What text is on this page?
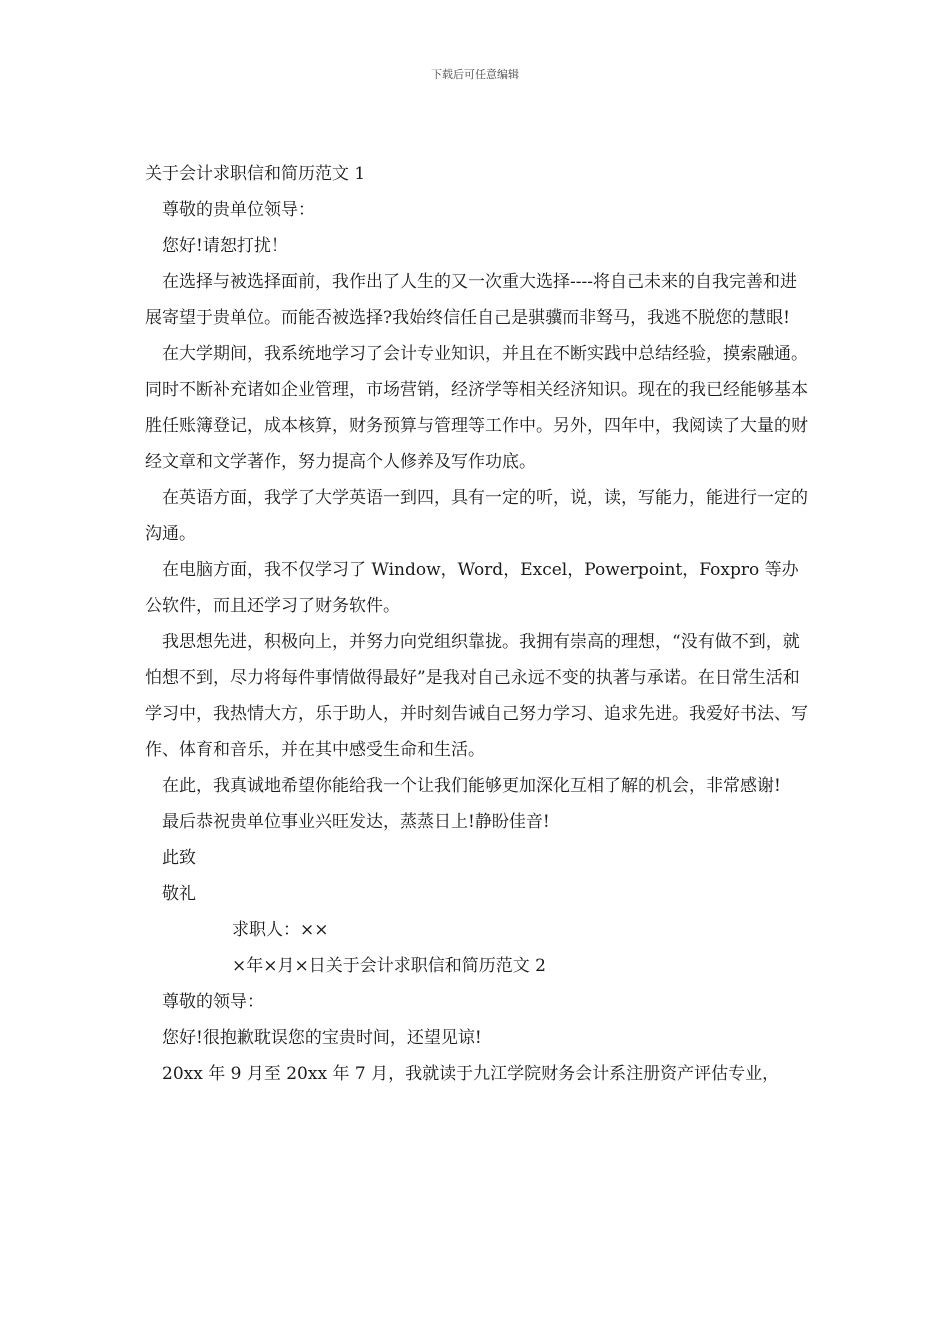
下载后可任意编辑

关于会计求职信和简历范文 1

尊敬的贵单位领导：

您好!请恕打扰！

在选择与被选择面前，我作出了人生的又一次重大选择----将自己未来的自我完善和进展寄望于贵单位。而能否被选择?我始终信任自己是骐骥而非驽马，我逃不脱您的慧眼!

在大学期间，我系统地学习了会计专业知识，并且在不断实践中总结经验，摸索融通。同时不断补充诸如企业管理，市场营销，经济学等相关经济知识。现在的我已经能够基本胜任账簿登记，成本核算，财务预算与管理等工作中。另外，四年中，我阅读了大量的财经文章和文学著作，努力提高个人修养及写作功底。

在英语方面，我学了大学英语一到四，具有一定的听，说，读，写能力，能进行一定的沟通。

在电脑方面，我不仅学习了 Window，Word，Excel，Powerpoint，Foxpro 等办公软件，而且还学习了财务软件。

我思想先进，积极向上，并努力向党组织靠拢。我拥有崇高的理想，“没有做不到，就怕想不到，尽力将每件事情做得最好”是我对自己永远不变的执著与承诺。在日常生活和学习中，我热情大方，乐于助人，并时刻告诫自己努力学习、追求先进。我爱好书法、写作、体育和音乐，并在其中感受生命和生活。

在此，我真诚地希望你能给我一个让我们能够更加深化互相了解的机会，非常感谢!

最后恭祝贵单位事业兴旺发达，蒸蒸日上!静盼佳音!

此致

敬礼

求职人：××

×年×月×日关于会计求职信和简历范文 2

尊敬的领导：

您好!很抱歉耽误您的宝贵时间，还望见谅!

20xx 年 9 月至 20xx 年 7 月，我就读于九江学院财务会计系注册资产评估专业，
